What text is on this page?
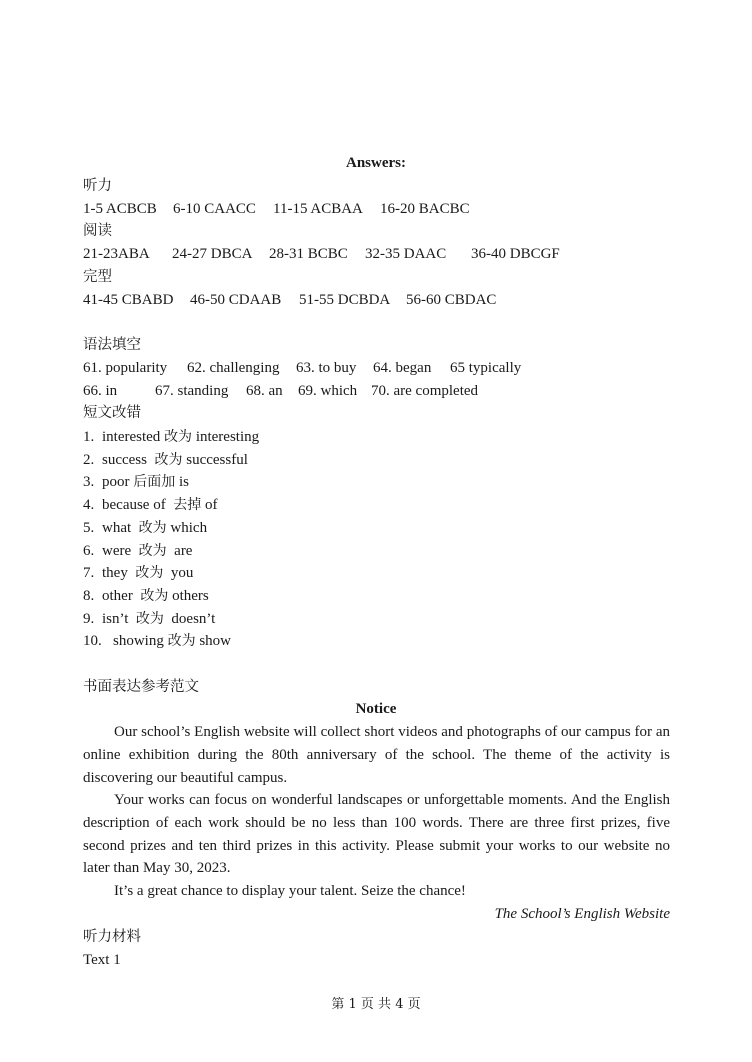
Answers:
听力
1-5 ACBCB 6-10 CAACC 11-15 ACBAA 16-20 BACBC
阅读
21-23ABA 24-27 DBCA 28-31 BCBC 32-35 DAAC 36-40 DBCGF
完型
41-45 CBABD 46-50 CDAAB 51-55 DCBDA 56-60 CBDAC
语法填空
61. popularity 62. challenging 63. to buy 64. began 65 typically
66. in	67. standing 68. an 69. which 70. are completed
短文改错
1. interested 改为 interesting
2. success  改为 successful
3. poor 后面加 is
4. because of  去掉 of
5. what  改为 which
6. were  改为  are
7. they  改为  you
8. other  改为 others
9. isn’t  改为  doesn’t
10. showing 改为 show
书面表达参考范文
Notice
Our school’s English website will collect short videos and photographs of our campus for an online exhibition during the 80th anniversary of the school. The theme of the activity is discovering our beautiful campus.
Your works can focus on wonderful landscapes or unforgettable moments. And the English description of each work should be no less than 100 words. There are three first prizes, five second prizes and ten third prizes in this activity. Please submit your works to our website no later than May 30, 2023.
It’s a great chance to display your talent. Seize the chance!
The School’s English Website
听力材料
Text 1
第 1 页 共 4 页
